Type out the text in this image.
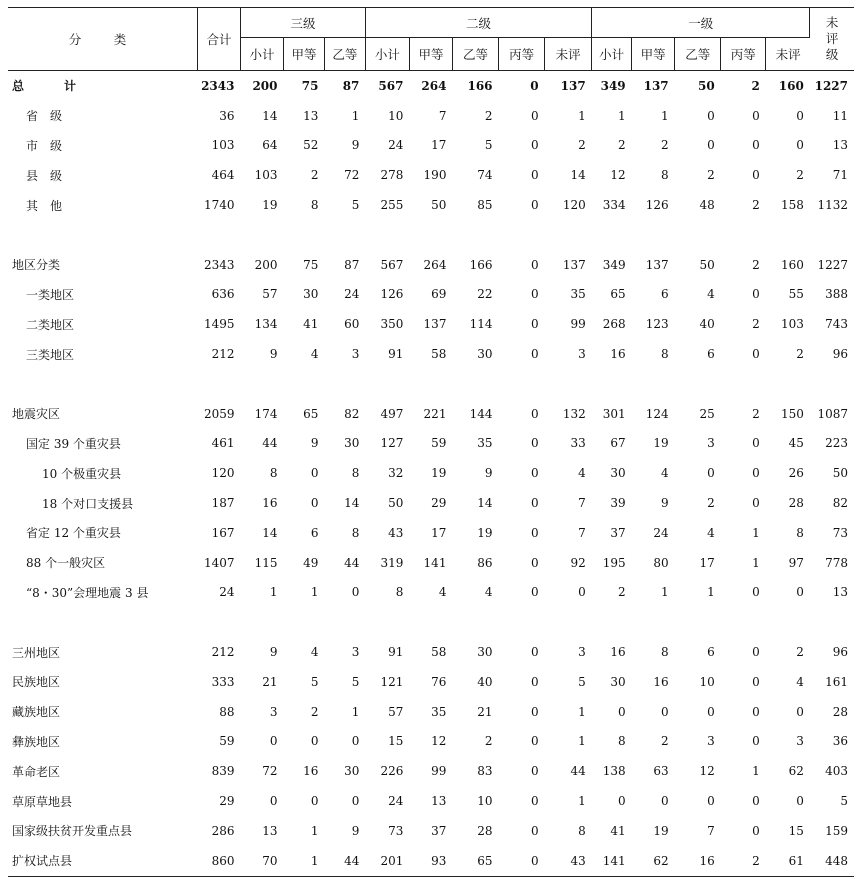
分　类	合计	三级			二级					一级					未
评
级
		小计	甲等	乙等	小计	甲等	乙等	丙等	未评	小计	甲等	乙等	丙等	未评	
总　计	2343	200	75	87	567	264	166	0	137	349	137	50	2	160	1227
省　级	36	14	13	1	10	7	2	0	1	1	1	0	0	0	11
市　级	103	64	52	9	24	17	5	0	2	2	2	0	0	0	13
县　级	464	103	2	72	278	190	74	0	14	12	8	2	0	2	71
其　他	1740	19	8	5	255	50	85	0	120	334	126	48	2	158	1132

地区分类	2343	200	75	87	567	264	166	0	137	349	137	50	2	160	1227
一类地区	636	57	30	24	126	69	22	0	35	65	6	4	0	55	388
二类地区	1495	134	41	60	350	137	114	0	99	268	123	40	2	103	743
三类地区	212	9	4	3	91	58	30	0	3	16	8	6	0	2	96

地震灾区	2059	174	65	82	497	221	144	0	132	301	124	25	2	150	1087
国定 39 个重灾县	461	44	9	30	127	59	35	0	33	67	19	3	0	45	223
10 个极重灾县	120	8	0	8	32	19	9	0	4	30	4	0	0	26	50
18 个对口支援县	187	16	0	14	50	29	14	0	7	39	9	2	0	28	82
省定 12 个重灾县	167	14	6	8	43	17	19	0	7	37	24	4	1	8	73
88 个一般灾区	1407	115	49	44	319	141	86	0	92	195	80	17	1	97	778
“8・30”会理地震 3 县	24	1	1	0	8	4	4	0	0	2	1	1	0	0	13

三州地区	212	9	4	3	91	58	30	0	3	16	8	6	0	2	96
民族地区	333	21	5	5	121	76	40	0	5	30	16	10	0	4	161
藏族地区	88	3	2	1	57	35	21	0	1	0	0	0	0	0	28
彝族地区	59	0	0	0	15	12	2	0	1	8	2	3	0	3	36
革命老区	839	72	16	30	226	99	83	0	44	138	63	12	1	62	403
草原草地县	29	0	0	0	24	13	10	0	1	0	0	0	0	0	5
国家级扶贫开发重点县	286	13	1	9	73	37	28	0	8	41	19	7	0	15	159
扩权试点县	860	70	1	44	201	93	65	0	43	141	62	16	2	61	448
